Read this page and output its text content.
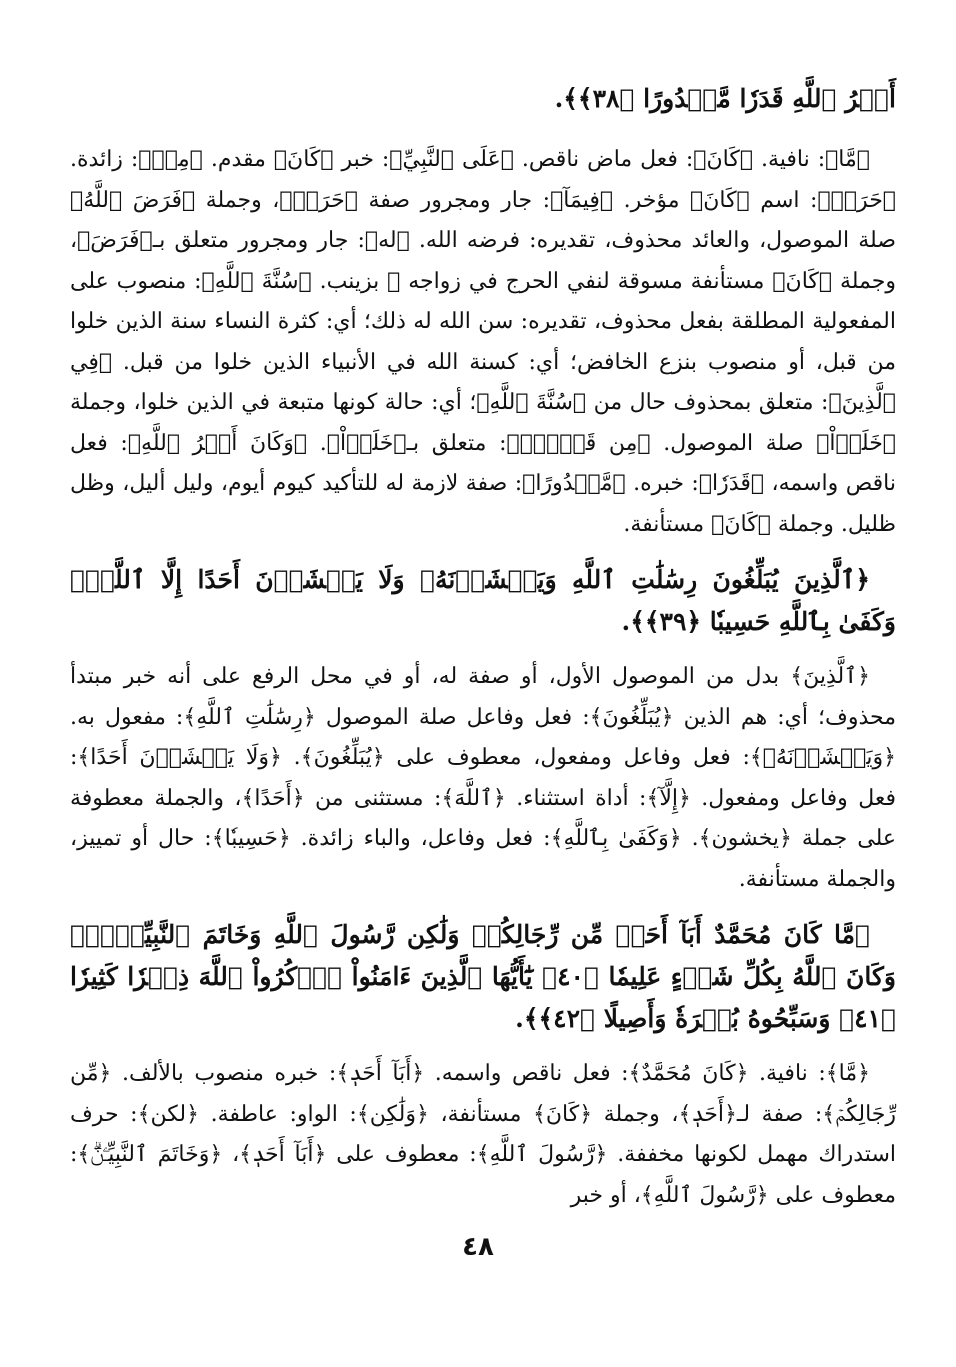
أَمۡرُ ٱللَّهِ قَدَرٗا مَّقۡدُورًا ﴿٣٨﴾﴾.

﴿مَّا﴾: نافية. ﴿كَانَ﴾: فعل ماض ناقص. ﴿عَلَى ٱلنَّبِيِّ﴾: خبر ﴿كَانَ﴾ مقدم. ﴿مِنۡ﴾: زائدة. ﴿حَرَجٖ﴾: اسم ﴿كَانَ﴾ مؤخر. ﴿فِيمَآ﴾: جار ومجرور صفة ﴿حَرَجٖ﴾، وجملة ﴿فَرَضَ ٱللَّهُ﴾ صلة الموصول، والعائد محذوف، تقديره: فرضه الله. ﴿له﴾: جار ومجرور متعلق بـ﴿فَرَضَ﴾، وجملة ﴿كَانَ﴾ مستأنفة مسوقة لنفي الحرج في زواجه ﷺ بزينب. ﴿سُنَّةَ ٱللَّهِ﴾: منصوب على المفعولية المطلقة بفعل محذوف، تقديره: سن الله له ذلك؛ أي: كثرة النساء سنة الذين خلوا من قبل، أو منصوب بنزع الخافض؛ أي: كسنة الله في الأنبياء الذين خلوا من قبل. ﴿فِي ٱلَّذِينَ﴾: متعلق بمحذوف حال من ﴿سُنَّةَ ٱللَّهِ﴾؛ أي: حالة كونها متبعة في الذين خلوا، وجملة ﴿خَلَوۡاْ﴾ صلة الموصول. ﴿مِن قَبۡلُۚ﴾: متعلق بـ﴿خَلَوۡاْ﴾. ﴿وَكَانَ أَمۡرُ ٱللَّهِ﴾: فعل ناقص واسمه، ﴿قَدَرٗا﴾: خبره. ﴿مَّقۡدُورًا﴾: صفة لازمة له للتأكيد كيوم أيوم، وليل أليل، وظل ظليل. وجملة ﴿كَانَ﴾ مستأنفة.

﴿ٱلَّذِينَ يُبَلِّغُونَ رِسَٰلَٰتِ ٱللَّهِ وَيَخۡشَوۡنَهُۥ وَلَا يَخۡشَوۡنَ أَحَدًا إِلَّا ٱللَّهَۗ وَكَفَىٰ بِٱللَّهِ حَسِيبٗا ﴿٣٩﴾﴾.

﴿ٱلَّذِينَ﴾ بدل من الموصول الأول، أو صفة له، أو في محل الرفع على أنه خبر مبتدأ محذوف؛ أي: هم الذين ﴿يُبَلِّغُونَ﴾: فعل وفاعل صلة الموصول ﴿رِسَٰلَٰتِ ٱللَّهِ﴾: مفعول به. ﴿وَيَخۡشَوۡنَهُۥ﴾: فعل وفاعل ومفعول، معطوف على ﴿يُبَلِّغُونَ﴾. ﴿وَلَا يَخۡشَوۡنَ أَحَدًا﴾: فعل وفاعل ومفعول. ﴿إِلَّآ﴾: أداة استثناء. ﴿ٱللَّهَ﴾: مستثنى من ﴿أَحَدًا﴾، والجملة معطوفة على جملة ﴿يخشون﴾. ﴿وَكَفَىٰ بِٱللَّهِ﴾: فعل وفاعل، والباء زائدة. ﴿حَسِيبٗا﴾: حال أو تمييز، والجملة مستأنفة.

﴿مَّا كَانَ مُحَمَّدٌ أَبَآ أَحَدٖ مِّن رِّجَالِكُمۡ وَلَٰكِن رَّسُولَ ٱللَّهِ وَخَاتَمَ ٱلنَّبِيِّـۧنَۗ وَكَانَ ٱللَّهُ بِكُلِّ شَيۡءٍ عَلِيمٗا ﴿٤٠﴾ يَٰٓأَيُّهَا ٱلَّذِينَ ءَامَنُواْ ٱذۡكُرُواْ ٱللَّهَ ذِكۡرٗا كَثِيرٗا ﴿٤١﴾ وَسَبِّحُوهُ بُكۡرَةٗ وَأَصِيلًا ﴿٤٢﴾﴾.

﴿مَّا﴾: نافية. ﴿كَانَ مُحَمَّدٌ﴾: فعل ناقص واسمه. ﴿أَبَآ أَحَدٖ﴾: خبره منصوب بالألف. ﴿مِّن رِّجَالِكُمۡ﴾: صفة لـ﴿أَحَدٖ﴾، وجملة ﴿كَانَ﴾ مستأنفة، ﴿وَلَٰكِن﴾: الواو: عاطفة. ﴿لكن﴾: حرف استدراك مهمل لكونها مخففة. ﴿رَّسُولَ ٱللَّهِ﴾: معطوف على ﴿أَبَآ أَحَدٖ﴾، ﴿وَخَاتَمَ ٱلنَّبِيِّـۧنَۗ﴾: معطوف على ﴿رَّسُولَ ٱللَّهِ﴾، أو خبر

٤٨
